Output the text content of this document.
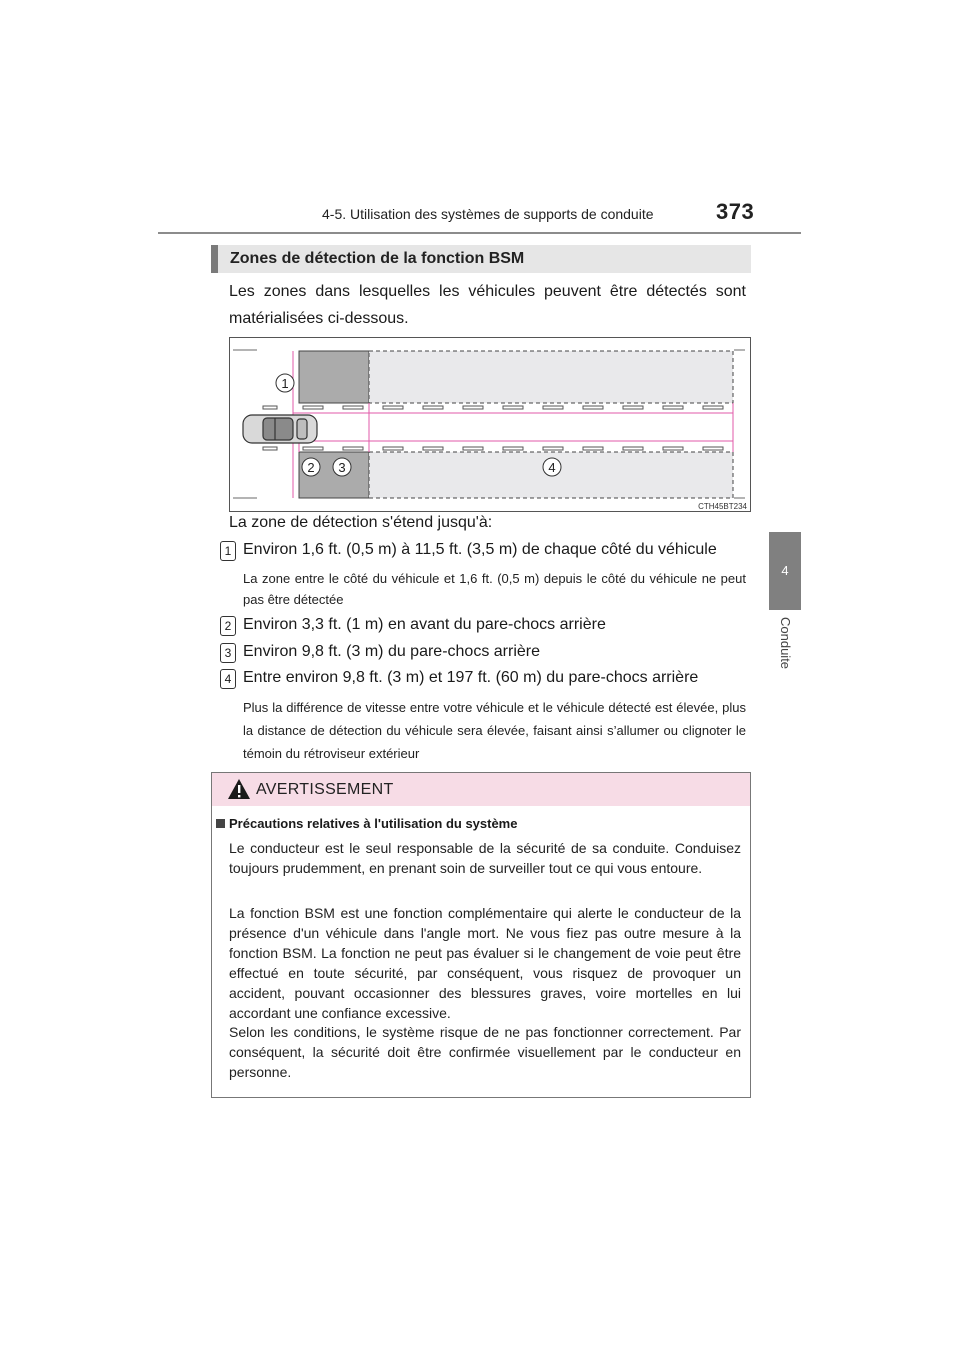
4-5. Utilisation des systèmes de supports de conduite	373
4
Conduite
Zones de détection de la fonction BSM
Les zones dans lesquelles les véhicules peuvent être détectés sont matérialisées ci-dessous.
1
2 3	4
CTH45BT234
La zone de détection s'étend jusqu'à:
1 Environ 1,6 ft. (0,5 m) à 11,5 ft. (3,5 m) de chaque côté du véhicule
La zone entre le côté du véhicule et 1,6 ft. (0,5 m) depuis le côté du véhicule ne peut pas être détectée
2 Environ 3,3 ft. (1 m) en avant du pare-chocs arrière
3 Environ 9,8 ft. (3 m) du pare-chocs arrière
4 Entre environ 9,8 ft. (3 m) et 197 ft. (60 m) du pare-chocs arrière
Plus la différence de vitesse entre votre véhicule et le véhicule détecté est élevée, plus la distance de détection du véhicule sera élevée, faisant ainsi s’allumer ou clignoter le témoin du rétroviseur extérieur
AVERTISSEMENT
Précautions relatives à l'utilisation du système
Le conducteur est le seul responsable de la sécurité de sa conduite. Conduisez toujours prudemment, en prenant soin de surveiller tout ce qui vous entoure.
La fonction BSM est une fonction complémentaire qui alerte le conducteur de la présence d'un véhicule dans l'angle mort. Ne vous fiez pas outre mesure à la fonction BSM. La fonction ne peut pas évaluer si le changement de voie peut être effectué en toute sécurité, par conséquent, vous risquez de provoquer un accident, pouvant occasionner des blessures graves, voire mortelles en lui accordant une confiance excessive.
Selon les conditions, le système risque de ne pas fonctionner correctement. Par conséquent, la sécurité doit être confirmée visuellement par le conducteur en personne.
